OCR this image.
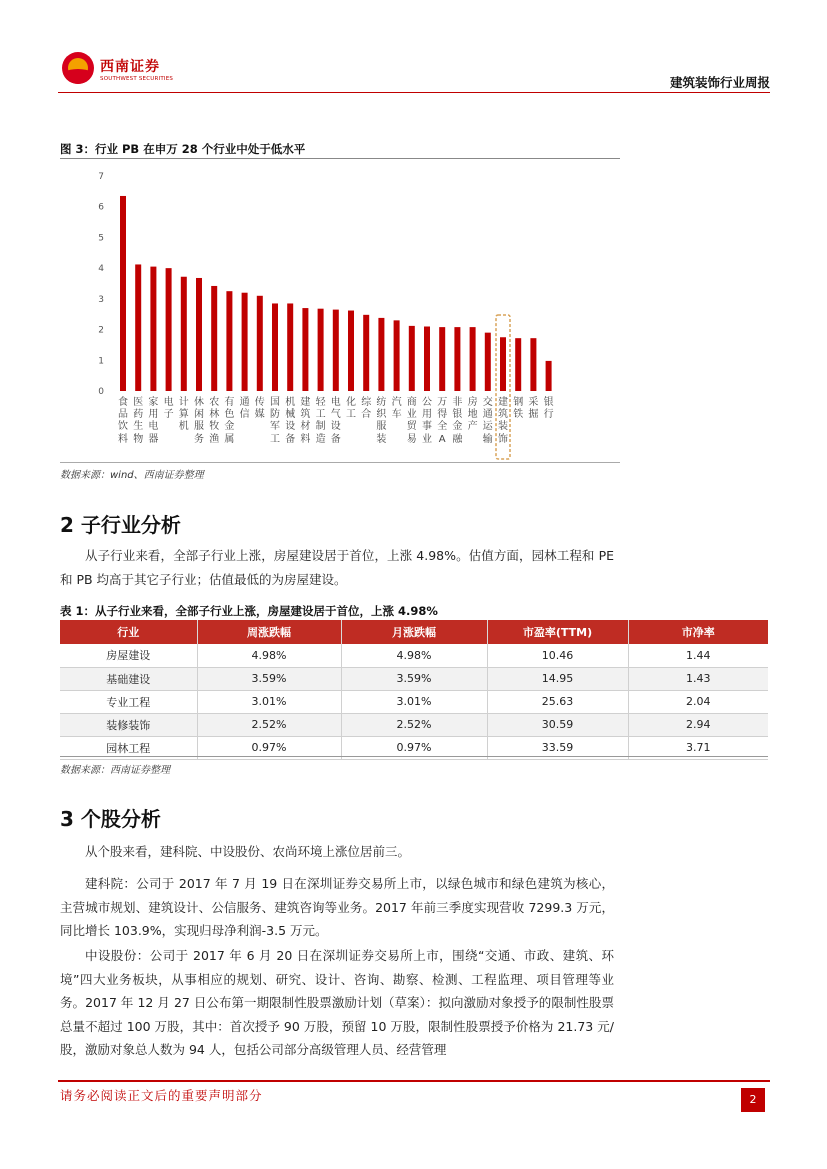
西南证券
SOUTHWEST SECURITIES	建筑装饰行业周报
图 3：行业 PB 在申万 28 个行业中处于低水平
0
1
2
3
4
5
6
7
食品饮料
医药生物
家用电器
电子
计算机
休闲服务
农林牧渔
有色金属
通信
传媒
国防军工
机械设备
建筑材料
轻工制造
电气设备
化工
综合
纺织服装
汽车
商业贸易
公用事业
万得全A
非银金融
房地产
交通运输
建筑装饰
钢铁
采掘
银行
数据来源：wind、西南证券整理
2 子行业分析
从子行业来看，全部子行业上涨，房屋建设居于首位，上涨 4.98%。估值方面，园林工程和 PE 和 PB 均高于其它子行业；估值最低的为房屋建设。
表 1：从子行业来看，全部子行业上涨，房屋建设居于首位，上涨 4.98%
行业	周涨跌幅	月涨跌幅	市盈率(TTM)	市净率
房屋建设	4.98%	4.98%	10.46	1.44
基础建设	3.59%	3.59%	14.95	1.43
专业工程	3.01%	3.01%	25.63	2.04
装修装饰	2.52%	2.52%	30.59	2.94
园林工程	0.97%	0.97%	33.59	3.71
数据来源：西南证券整理
3 个股分析
从个股来看，建科院、中设股份、农尚环境上涨位居前三。
建科院：公司于 2017 年 7 月 19 日在深圳证券交易所上市，以绿色城市和绿色建筑为核心，主营城市规划、建筑设计、公信服务、建筑咨询等业务。2017 年前三季度实现营收 7299.3 万元，同比增长 103.9%，实现归母净利润-3.5 万元。
中设股份：公司于 2017 年 6 月 20 日在深圳证券交易所上市，围绕“交通、市政、建筑、环境”四大业务板块，从事相应的规划、研究、设计、咨询、勘察、检测、工程监理、项目管理等业务。2017 年 12 月 27 日公布第一期限制性股票激励计划（草案）：拟向激励对象授予的限制性股票总量不超过 100 万股，其中：首次授予 90 万股，预留 10 万股，限制性股票授予价格为 21.73 元/股，激励对象总人数为 94 人，包括公司部分高级管理人员、经营管理
请务必阅读正文后的重要声明部分	2
